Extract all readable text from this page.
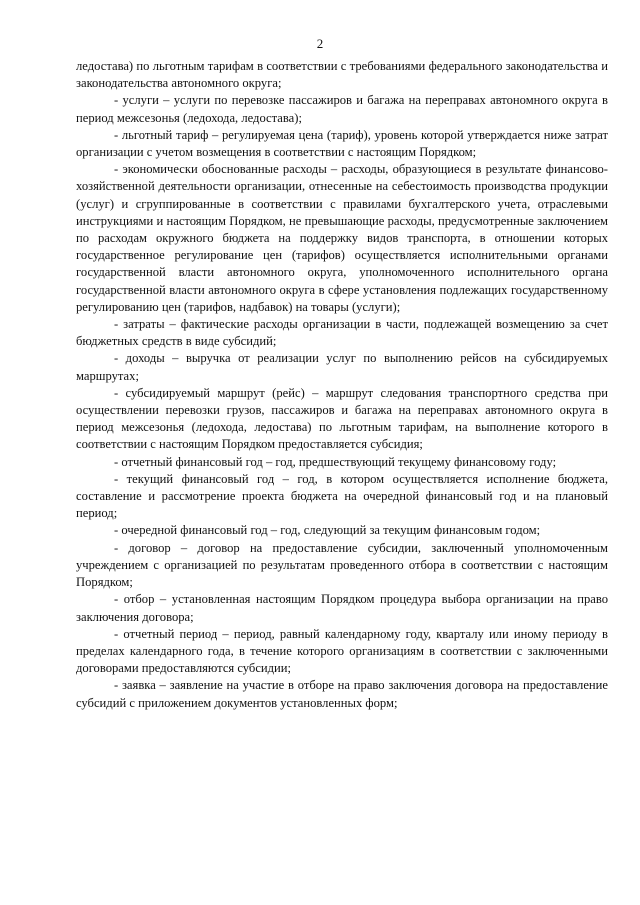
2

ледостава) по льготным тарифам в соответствии с требованиями федерального законодательства и законодательства автономного округа;

- услуги – услуги по перевозке пассажиров и багажа на переправах автономного округа в период межсезонья (ледохода, ледостава);

- льготный тариф – регулируемая цена (тариф), уровень которой утверждается ниже затрат организации с учетом возмещения в соответствии с настоящим Порядком;

- экономически обоснованные расходы – расходы, образующиеся в результате финансово-хозяйственной деятельности организации, отнесенные на себестоимость производства продукции (услуг) и сгруппированные в соответствии с правилами бухгалтерского учета, отраслевыми инструкциями и настоящим Порядком, не превышающие расходы, предусмотренные заключением по расходам окружного бюджета на поддержку видов транспорта, в отношении которых государственное регулирование цен (тарифов) осуществляется исполнительными органами государственной власти автономного округа, уполномоченного исполнительного органа государственной власти автономного округа в сфере установления подлежащих государственному регулированию цен (тарифов, надбавок) на товары (услуги);

- затраты – фактические расходы организации в части, подлежащей возмещению за счет бюджетных средств в виде субсидий;

- доходы – выручка от реализации услуг по выполнению рейсов на субсидируемых маршрутах;

- субсидируемый маршрут (рейс) – маршрут следования транспортного средства при осуществлении перевозки грузов, пассажиров и багажа на переправах автономного округа в период межсезонья (ледохода, ледостава) по льготным тарифам, на выполнение которого в соответствии с настоящим Порядком предоставляется субсидия;

- отчетный финансовый год – год, предшествующий текущему финансовому году;

- текущий финансовый год – год, в котором осуществляется исполнение бюджета, составление и рассмотрение проекта бюджета на очередной финансовый год и на плановый период;

- очередной финансовый год – год, следующий за текущим финансовым годом;

- договор – договор на предоставление субсидии, заключенный уполномоченным учреждением с организацией по результатам проведенного отбора в соответствии с настоящим Порядком;

- отбор – установленная настоящим Порядком процедура выбора организации на право заключения договора;

- отчетный период – период, равный календарному году, кварталу или иному периоду в пределах календарного года, в течение которого организациям в соответствии с заключенными договорами предоставляются субсидии;

- заявка – заявление на участие в отборе на право заключения договора на предоставление субсидий с приложением документов установленных форм;
